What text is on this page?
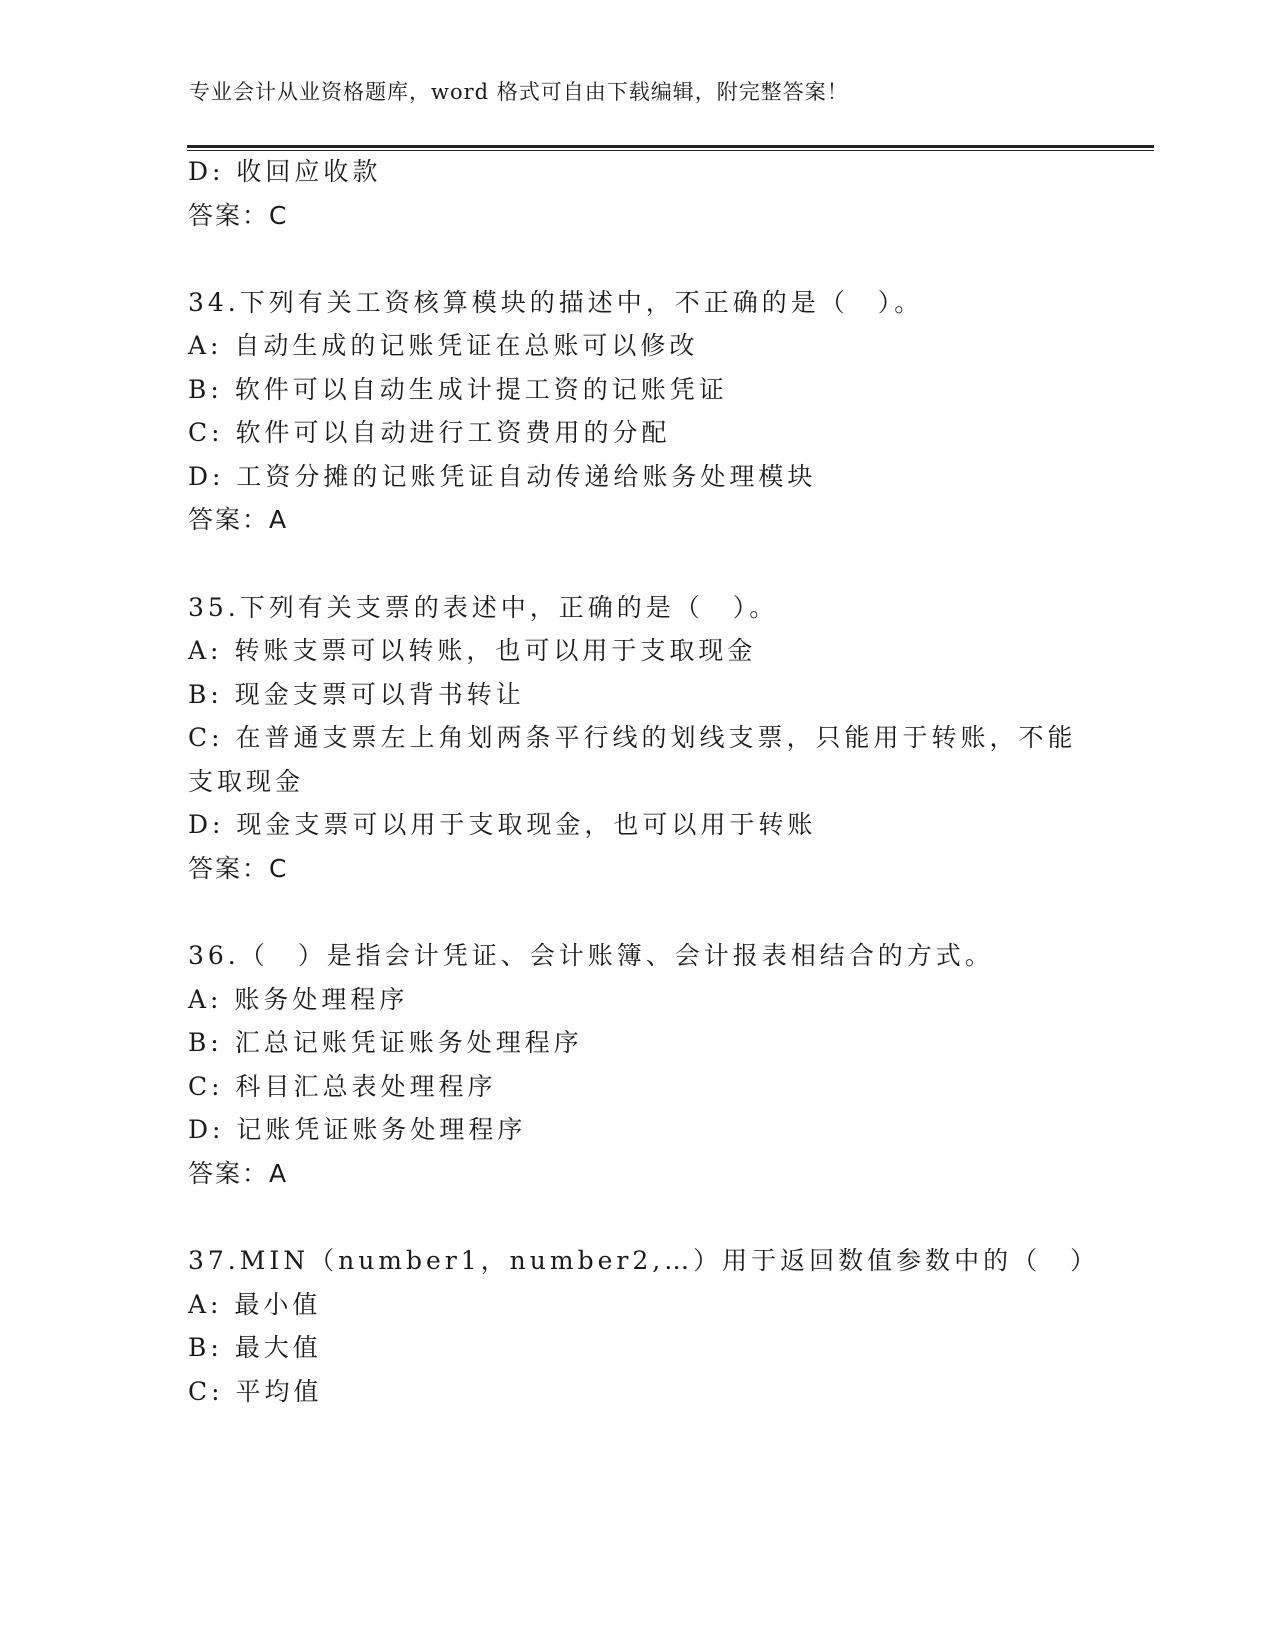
专业会计从业资格题库，word 格式可自由下载编辑，附完整答案！
D: 收回应收款
答案：C
34.下列有关工资核算模块的描述中，不正确的是（　）。
A: 自动生成的记账凭证在总账可以修改
B: 软件可以自动生成计提工资的记账凭证
C: 软件可以自动进行工资费用的分配
D: 工资分摊的记账凭证自动传递给账务处理模块
答案：A
35.下列有关支票的表述中，正确的是（　）。
A: 转账支票可以转账，也可以用于支取现金
B: 现金支票可以背书转让
C: 在普通支票左上角划两条平行线的划线支票，只能用于转账，不能
支取现金
D: 现金支票可以用于支取现金，也可以用于转账
答案：C
36.（　）是指会计凭证、会计账簿、会计报表相结合的方式。
A: 账务处理程序
B: 汇总记账凭证账务处理程序
C: 科目汇总表处理程序
D: 记账凭证账务处理程序
答案：A
37.MIN（number1，number2,…）用于返回数值参数中的（　）
A: 最小值
B: 最大值
C: 平均值
